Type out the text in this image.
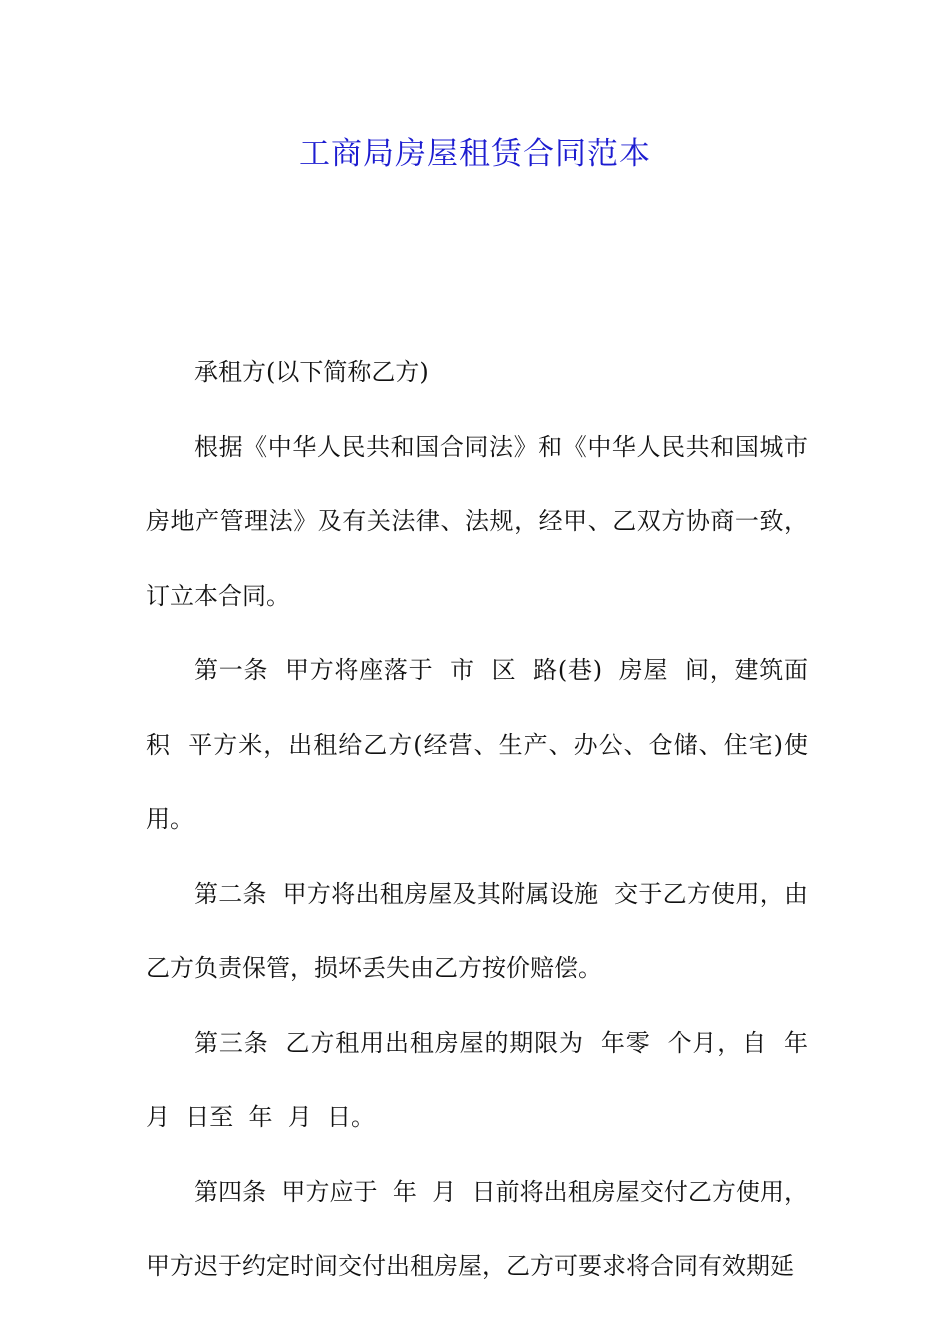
工商局房屋租赁合同范本

承租方(以下简称乙方)

根据《中华人民共和国合同法》和《中华人民共和国城市房地产管理法》及有关法律、法规，经甲、乙双方协商一致，订立本合同。

第一条  甲方将座落于  市  区  路(巷)  房屋  间，建筑面积  平方米，出租给乙方(经营、生产、办公、仓储、住宅)使用。

第二条  甲方将出租房屋及其附属设施  交于乙方使用，由乙方负责保管，损坏丢失由乙方按价赔偿。

第三条  乙方租用出租房屋的期限为  年零  个月，自  年  月  日至  年  月  日。

第四条  甲方应于  年  月  日前将出租房屋交付乙方使用，甲方迟于约定时间交付出租房屋，乙方可要求将合同有效期延
